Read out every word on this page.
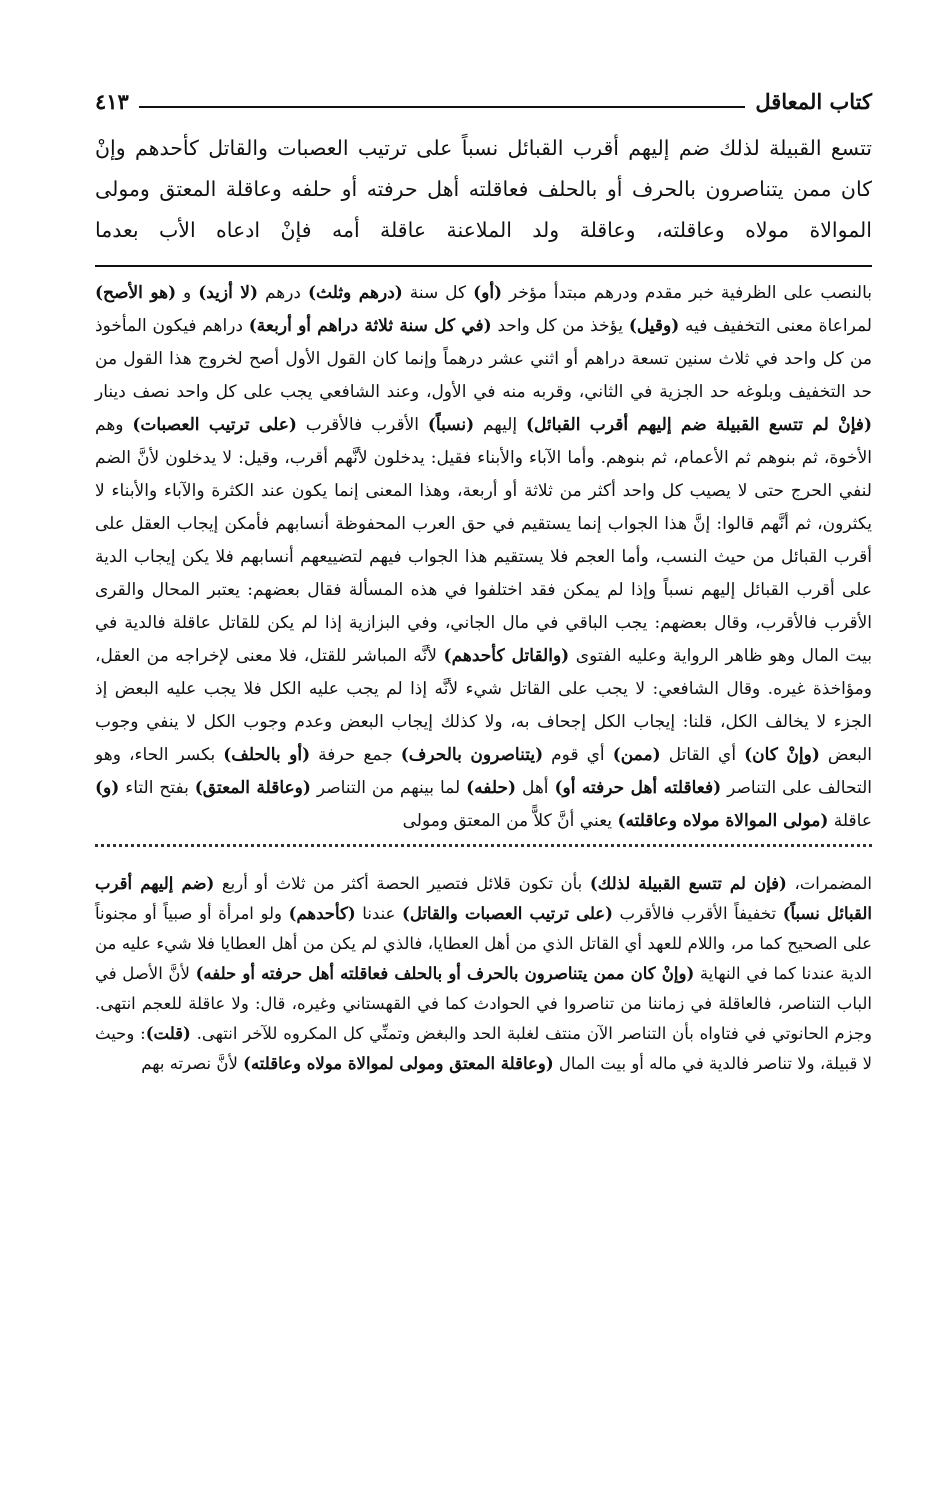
كتاب المعاقل
٤١٣

تتسع القبيلة لذلك ضم إليهم أقرب القبائل نسباً على ترتيب العصبات والقاتل كأحدهم وإنْ كان ممن يتناصرون بالحرف أو بالحلف فعاقلته أهل حرفته أو حلفه وعاقلة المعتق ومولى الموالاة مولاه وعاقلته، وعاقلة ولد الملاعنة عاقلة أمه فإنْ ادعاه الأب بعدما

بالنصب على الظرفية خبر مقدم ودرهم مبتدأ مؤخر (أو) كل سنة (درهم وثلث) درهم (لا أزيد) و (هو الأصح) لمراعاة معنى التخفيف فيه (وقيل) يؤخذ من كل واحد (في كل سنة ثلاثة دراهم أو أربعة) دراهم فيكون المأخوذ من كل واحد في ثلاث سنين تسعة دراهم أو اثني عشر درهماً وإنما كان القول الأول أصح لخروج هذا القول من حد التخفيف وبلوغه حد الجزية في الثاني، وقربه منه في الأول، وعند الشافعي يجب على كل واحد نصف دينار (فإنْ لم تتسع القبيلة ضم إليهم أقرب القبائل) إليهم (نسباً) الأقرب فالأقرب (على ترتيب العصبات) وهم الأخوة، ثم بنوهم ثم الأعمام، ثم بنوهم. وأما الآباء والأبناء فقيل: يدخلون لأنَّهم أقرب، وقيل: لا يدخلون لأنَّ الضم لنفي الحرج حتى لا يصيب كل واحد أكثر من ثلاثة أو أربعة، وهذا المعنى إنما يكون عند الكثرة والآباء والأبناء لا يكثرون، ثم أنَّهم قالوا: إنَّ هذا الجواب إنما يستقيم في حق العرب المحفوظة أنسابهم فأمكن إيجاب العقل على أقرب القبائل من حيث النسب، وأما العجم فلا يستقيم هذا الجواب فيهم لتضييعهم أنسابهم فلا يكن إيجاب الدية على أقرب القبائل إليهم نسباً وإذا لم يمكن فقد اختلفوا في هذه المسألة فقال بعضهم: يعتبر المحال والقرى الأقرب فالأقرب، وقال بعضهم: يجب الباقي في مال الجاني، وفي البزازية إذا لم يكن للقاتل عاقلة فالدية في بيت المال وهو ظاهر الرواية وعليه الفتوى (والقاتل كأحدهم) لأنَّه المباشر للقتل، فلا معنى لإخراجه من العقل، ومؤاخذة غيره. وقال الشافعي: لا يجب على القاتل شيء لأنَّه إذا لم يجب عليه الكل فلا يجب عليه البعض إذ الجزء لا يخالف الكل، قلنا: إيجاب الكل إجحاف به، ولا كذلك إيجاب البعض وعدم وجوب الكل لا ينفي وجوب البعض (وإنْ كان) أي القاتل (ممن) أي قوم (يتناصرون بالحرف) جمع حرفة (أو بالحلف) بكسر الحاء، وهو التحالف على التناصر (فعاقلته أهل حرفته أو) أهل (حلفه) لما بينهم من التناصر (وعاقلة المعتق) بفتح التاء (و) عاقلة (مولى الموالاة مولاه وعاقلته) يعني أنَّ كلاًّ من المعتق ومولى

المضمرات، (فإن لم تتسع القبيلة لذلك) بأن تكون قلائل فتصير الحصة أكثر من ثلاث أو أربع (ضم إليهم أقرب القبائل نسباً) تخفيفاً الأقرب فالأقرب (على ترتيب العصبات والقاتل) عندنا (كأحدهم) ولو امرأة أو صبياً أو مجنوناً على الصحيح كما مر، واللام للعهد أي القاتل الذي من أهل العطايا، فالذي لم يكن من أهل العطايا فلا شيء عليه من الدية عندنا كما في النهاية (وإنْ كان ممن يتناصرون بالحرف أو بالحلف فعاقلته أهل حرفته أو حلفه) لأنَّ الأصل في الباب التناصر، فالعاقلة في زماننا من تناصروا في الحوادث كما في القهستاني وغيره، قال: ولا عاقلة للعجم انتهى. وجزم الحانوتي في فتاواه بأن التناصر الآن منتف لغلبة الحد والبغض وتمنِّي كل المكروه للآخر انتهى. (قلت): وحيث لا قبيلة، ولا تناصر فالدية في ماله أو بيت المال (وعاقلة المعتق ومولى لموالاة مولاه وعاقلته) لأنَّ نصرته بهم
